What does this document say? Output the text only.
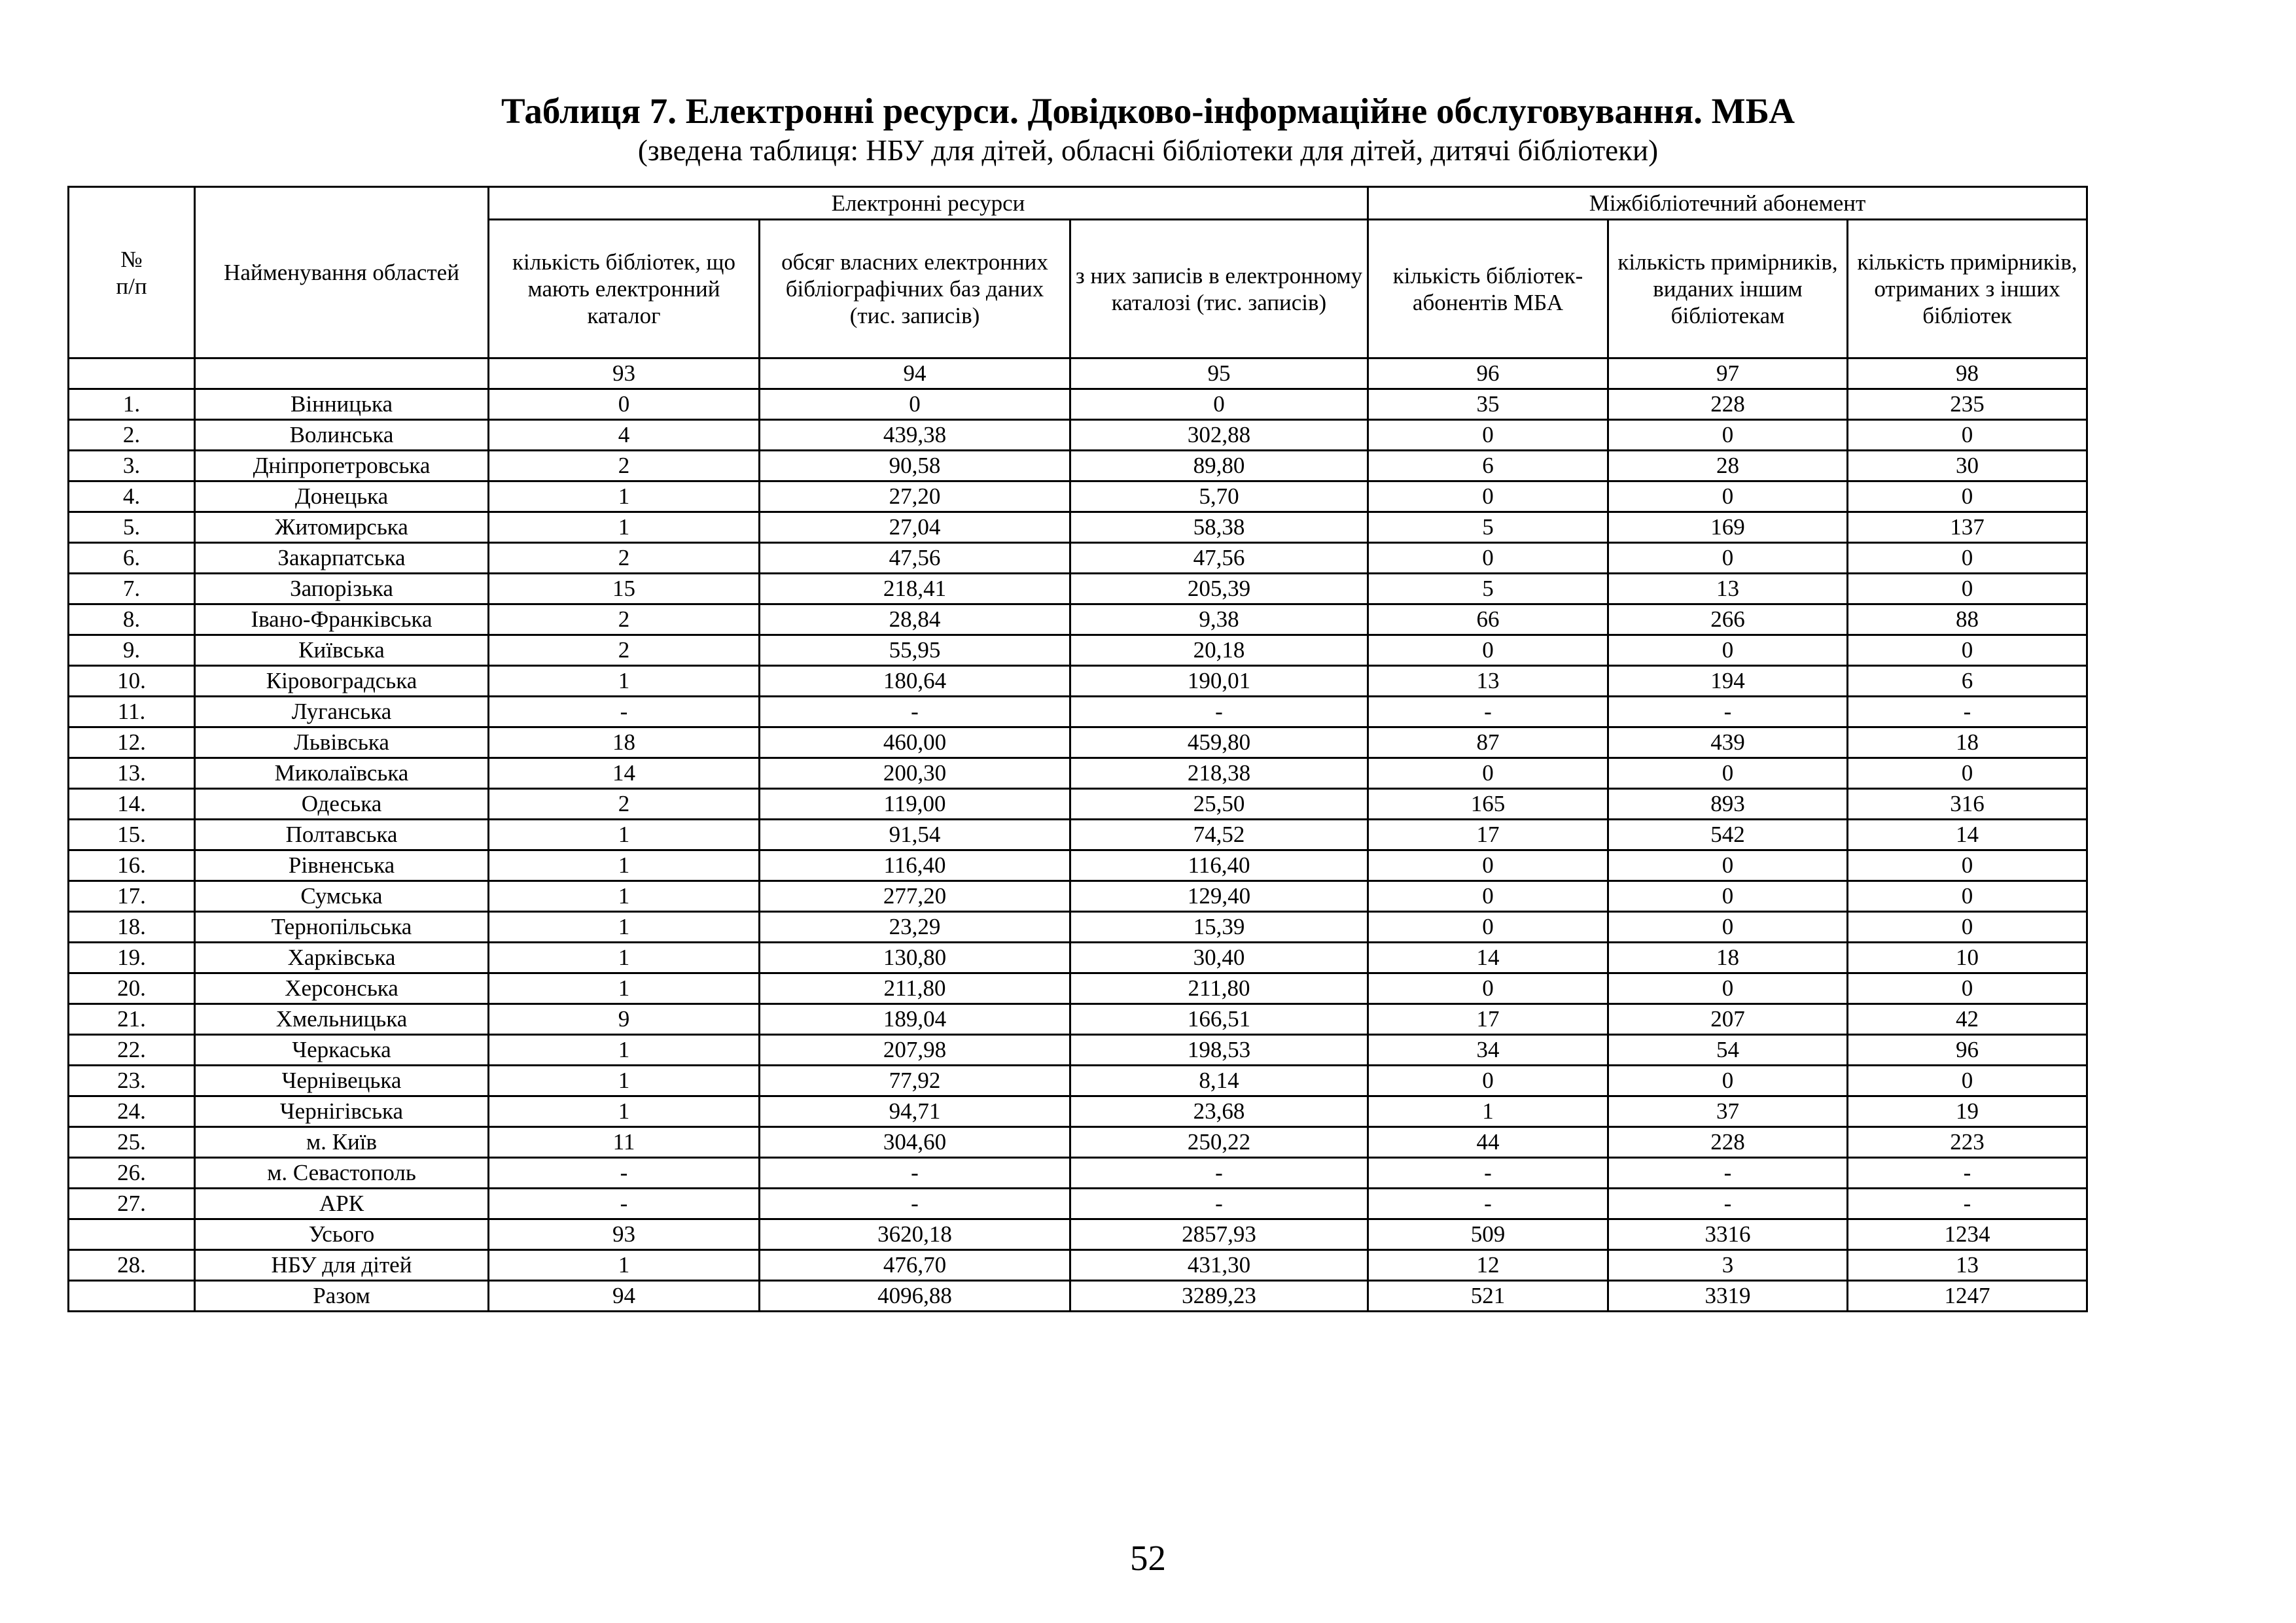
Таблиця 7. Електронні ресурси. Довідково-інформаційне обслуговування. МБА
(зведена таблиця: НБУ для дітей, обласні бібліотеки для дітей, дитячі бібліотеки)
№
п/п	Найменування областей	Електронні ресурси			Міжбібліотечний абонемент		
		кількість бібліотек, що мають електронний каталог	обсяг власних електронних бібліографічних баз даних (тис. записів)	з них записів в електронному каталозі (тис. записів)	кількість бібліотек-абонентів МБА	кількість примірників, виданих іншим бібліотекам	кількість примірників, отриманих з інших бібліотек
		93	94	95	96	97	98
1.	Вінницька	0	0	0	35	228	235
2.	Волинська	4	439,38	302,88	0	0	0
3.	Дніпропетровська	2	90,58	89,80	6	28	30
4.	Донецька	1	27,20	5,70	0	0	0
5.	Житомирська	1	27,04	58,38	5	169	137
6.	Закарпатська	2	47,56	47,56	0	0	0
7.	Запорізька	15	218,41	205,39	5	13	0
8.	Івано-Франківська	2	28,84	9,38	66	266	88
9.	Київська	2	55,95	20,18	0	0	0
10.	Кіровоградська	1	180,64	190,01	13	194	6
11.	Луганська	-	-	-	-	-	-
12.	Львівська	18	460,00	459,80	87	439	18
13.	Миколаївська	14	200,30	218,38	0	0	0
14.	Одеська	2	119,00	25,50	165	893	316
15.	Полтавська	1	91,54	74,52	17	542	14
16.	Рівненська	1	116,40	116,40	0	0	0
17.	Сумська	1	277,20	129,40	0	0	0
18.	Тернопільська	1	23,29	15,39	0	0	0
19.	Харківська	1	130,80	30,40	14	18	10
20.	Херсонська	1	211,80	211,80	0	0	0
21.	Хмельницька	9	189,04	166,51	17	207	42
22.	Черкаська	1	207,98	198,53	34	54	96
23.	Чернівецька	1	77,92	8,14	0	0	0
24.	Чернігівська	1	94,71	23,68	1	37	19
25.	м. Київ	11	304,60	250,22	44	228	223
26.	м. Севастополь	-	-	-	-	-	-
27.	АРК	-	-	-	-	-	-
	Усього	93	3620,18	2857,93	509	3316	1234
28.	НБУ для дітей	1	476,70	431,30	12	3	13
	Разом	94	4096,88	3289,23	521	3319	1247
52
